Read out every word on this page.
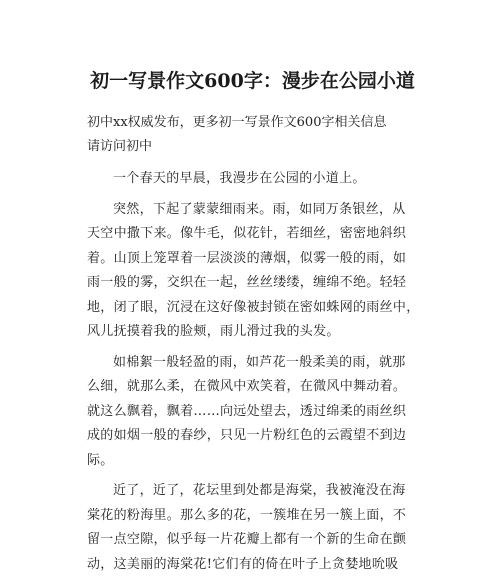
初一写景作文600字：漫步在公园小道

初中xx权威发布，更多初一写景作文600字相关信息

请访问初中

一个春天的早晨，我漫步在公园的小道上。

突然，下起了蒙蒙细雨来。雨，如同万条银丝，从
天空中撒下来。像牛毛，似花针，若细丝，密密地斜织
着。山顶上笼罩着一层淡淡的薄烟，似雾一般的雨，如
雨一般的雾，交织在一起，丝丝缕缕，缠绵不绝。轻轻
地，闭了眼，沉浸在这好像被封锁在密如蛛网的雨丝中，
风儿抚摸着我的脸颊，雨儿滑过我的头发。

如棉絮一般轻盈的雨，如芦花一般柔美的雨，就那
么细，就那么柔，在微风中欢笑着，在微风中舞动着。
就这么飘着，飘着……向远处望去，透过绵柔的雨丝织
成的如烟一般的春纱，只见一片粉红色的云霞望不到边
际。

近了，近了，花坛里到处都是海棠，我被淹没在海
棠花的粉海里。那么多的花，一簇堆在另一簇上面，不
留一点空隙，似乎每一片花瓣上都有一个新的生命在颤
动，这美丽的海棠花!它们有的倚在叶子上贪婪地吮吸
